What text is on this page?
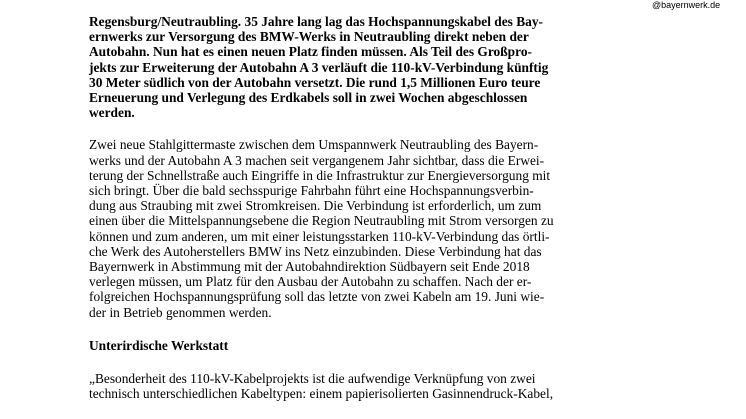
@bayernwerk.de

Regensburg/Neutraubling. 35 Jahre lang lag das Hochspannungskabel des Bay-
ernwerks zur Versorgung des BMW-Werks in Neutraubling direkt neben der
Autobahn. Nun hat es einen neuen Platz finden müssen. Als Teil des Großpro-
jekts zur Erweiterung der Autobahn A 3 verläuft die 110-kV-Verbindung künftig
30 Meter südlich von der Autobahn versetzt. Die rund 1,5 Millionen Euro teure
Erneuerung und Verlegung des Erdkabels soll in zwei Wochen abgeschlossen
werden.

Zwei neue Stahlgittermaste zwischen dem Umspannwerk Neutraubling des Bayern-
werks und der Autobahn A 3 machen seit vergangenem Jahr sichtbar, dass die Erwei-
terung der Schnellstraße auch Eingriffe in die Infrastruktur zur Energieversorgung mit
sich bringt. Über die bald sechsspurige Fahrbahn führt eine Hochspannungsverbin-
dung aus Straubing mit zwei Stromkreisen. Die Verbindung ist erforderlich, um zum
einen über die Mittelspannungsebene die Region Neutraubling mit Strom versorgen zu
können und zum anderen, um mit einer leistungsstarken 110-kV-Verbindung das örtli-
che Werk des Autoherstellers BMW ins Netz einzubinden. Diese Verbindung hat das
Bayernwerk in Abstimmung mit der Autobahndirektion Südbayern seit Ende 2018
verlegen müssen, um Platz für den Ausbau der Autobahn zu schaffen. Nach der er-
folgreichen Hochspannungsprüfung soll das letzte von zwei Kabeln am 19. Juni wie-
der in Betrieb genommen werden.

Unterirdische Werkstatt

„Besonderheit des 110-kV-Kabelprojekts ist die aufwendige Verknüpfung von zwei
technisch unterschiedlichen Kabeltypen: einem papierisolierten Gasinnendruck-Kabel,
